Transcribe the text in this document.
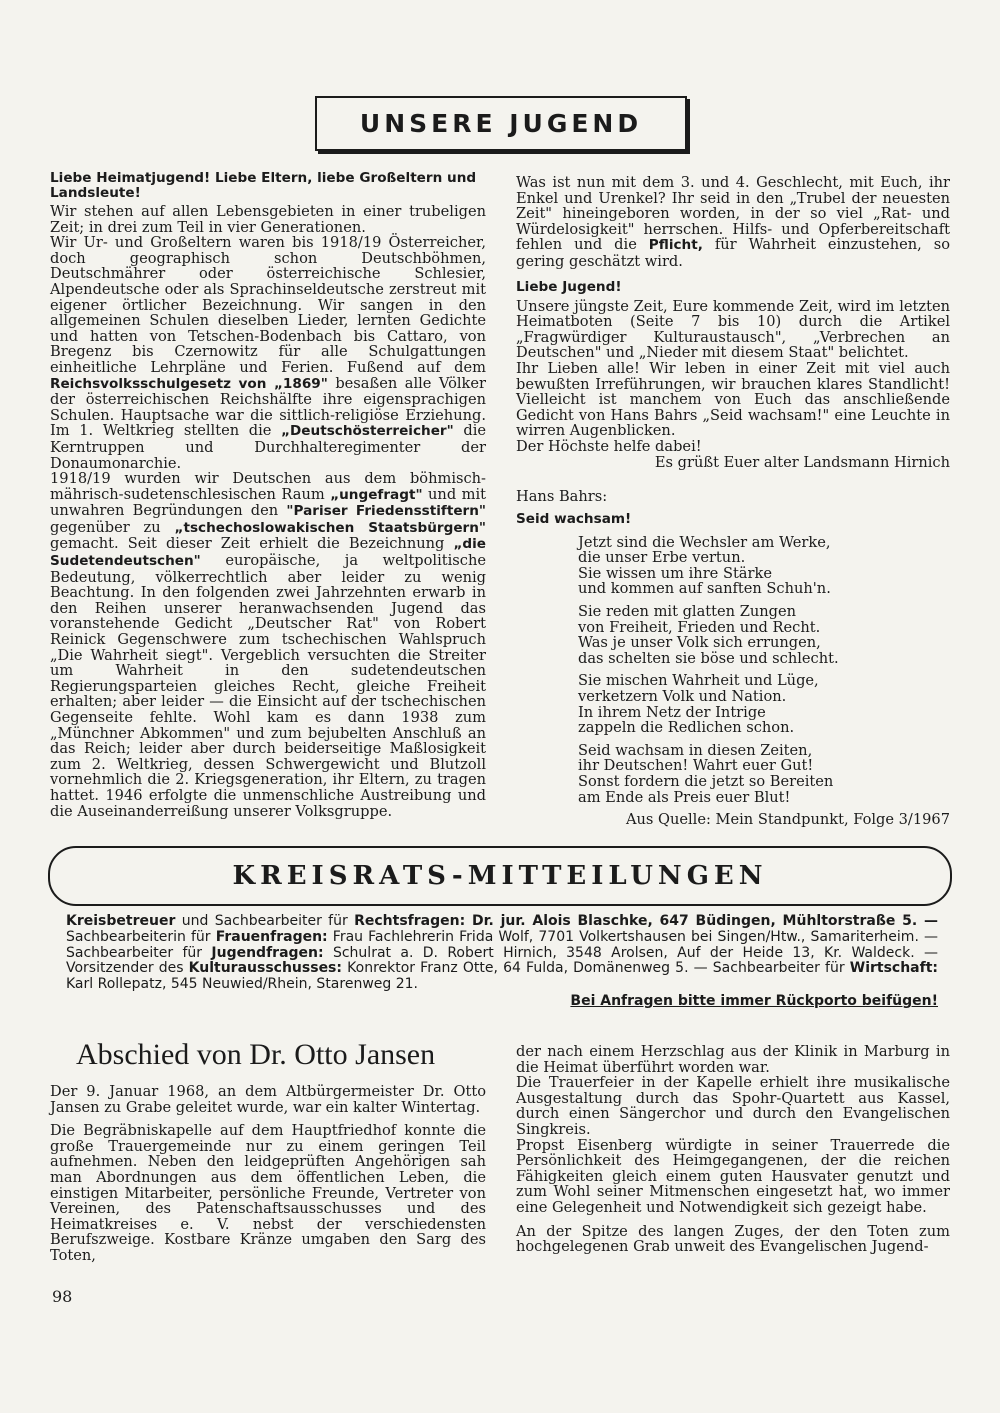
UNSERE JUGEND

Liebe Heimatjugend! Liebe Eltern, liebe Großeltern und Landsleute!

Wir stehen auf allen Lebensgebieten in einer trubeligen Zeit; in drei zum Teil in vier Generationen.

Wir Ur- und Großeltern waren bis 1918/19 Österreicher, doch geographisch schon Deutschböhmen, Deutschmährer oder österreichische Schlesier, Alpendeutsche oder als Sprachinseldeutsche zerstreut mit eigener örtlicher Bezeichnung. Wir sangen in den allgemeinen Schulen dieselben Lieder, lernten Gedichte und hatten von Tetschen-Bodenbach bis Cattaro, von Bregenz bis Czernowitz für alle Schulgattungen einheitliche Lehrpläne und Ferien. Fußend auf dem Reichsvolksschulgesetz von „1869" besaßen alle Völker der österreichischen Reichshälfte ihre eigensprachigen Schulen. Hauptsache war die sittlich-religiöse Erziehung. Im 1. Weltkrieg stellten die „Deutschösterreicher" die Kerntruppen und Durchhalteregimenter der Donaumonarchie.

1918/19 wurden wir Deutschen aus dem böhmisch-mährisch-sudetenschlesischen Raum „ungefragt" und mit unwahren Begründungen den "Pariser Friedensstiftern" gegenüber zu „tschechoslowakischen Staatsbürgern" gemacht. Seit dieser Zeit erhielt die Bezeichnung „die Sudetendeutschen" europäische, ja weltpolitische Bedeutung, völkerrechtlich aber leider zu wenig Beachtung. In den folgenden zwei Jahrzehnten erwarb in den Reihen unserer heranwachsenden Jugend das voranstehende Gedicht „Deutscher Rat" von Robert Reinick Gegenschwere zum tschechischen Wahlspruch „Die Wahrheit siegt". Vergeblich versuchten die Streiter um Wahrheit in den sudetendeutschen Regierungsparteien gleiches Recht, gleiche Freiheit erhalten; aber leider — die Einsicht auf der tschechischen Gegenseite fehlte. Wohl kam es dann 1938 zum „Münchner Abkommen" und zum bejubelten Anschluß an das Reich; leider aber durch beiderseitige Maßlosigkeit zum 2. Weltkrieg, dessen Schwergewicht und Blutzoll vornehmlich die 2. Kriegsgeneration, ihr Eltern, zu tragen hattet. 1946 erfolgte die unmenschliche Austreibung und die Auseinanderreißung unserer Volksgruppe.

Was ist nun mit dem 3. und 4. Geschlecht, mit Euch, ihr Enkel und Urenkel? Ihr seid in den „Trubel der neuesten Zeit" hineingeboren worden, in der so viel „Rat- und Würdelosigkeit" herrschen. Hilfs- und Opferbereitschaft fehlen und die Pflicht, für Wahrheit einzustehen, so gering geschätzt wird.

Liebe Jugend!

Unsere jüngste Zeit, Eure kommende Zeit, wird im letzten Heimatboten (Seite 7 bis 10) durch die Artikel „Fragwürdiger Kulturaustausch", „Verbrechen an Deutschen" und „Nieder mit diesem Staat" belichtet.

Ihr Lieben alle! Wir leben in einer Zeit mit viel auch bewußten Irreführungen, wir brauchen klares Standlicht! Vielleicht ist manchem von Euch das anschließende Gedicht von Hans Bahrs „Seid wachsam!" eine Leuchte in wirren Augenblicken.

Der Höchste helfe dabei!

Es grüßt Euer alter Landsmann Hirnich

Hans Bahrs:

Seid wachsam!

Jetzt sind die Wechsler am Werke,

die unser Erbe vertun.

Sie wissen um ihre Stärke

und kommen auf sanften Schuh'n.

Sie reden mit glatten Zungen

von Freiheit, Frieden und Recht.

Was je unser Volk sich errungen,

das schelten sie böse und schlecht.

Sie mischen Wahrheit und Lüge,

verketzern Volk und Nation.

In ihrem Netz der Intrige

zappeln die Redlichen schon.

Seid wachsam in diesen Zeiten,

ihr Deutschen! Wahrt euer Gut!

Sonst fordern die jetzt so Bereiten

am Ende als Preis euer Blut!

Aus Quelle: Mein Standpunkt, Folge 3/1967

KREISRATS-MITTEILUNGEN
Kreisbetreuer und Sachbearbeiter für Rechtsfragen: Dr. jur. Alois Blaschke, 647 Büdingen, Mühltorstraße 5. — Sachbearbeiterin für Frauenfragen: Frau Fachlehrerin Frida Wolf, 7701 Volkertshausen bei Singen/Htw., Samariterheim. — Sachbearbeiter für Jugendfragen: Schulrat a. D. Robert Hirnich, 3548 Arolsen, Auf der Heide 13, Kr. Waldeck. — Vorsitzender des Kulturausschusses: Konrektor Franz Otte, 64 Fulda, Domänenweg 5. — Sachbearbeiter für Wirtschaft: Karl Rollepatz, 545 Neuwied/Rhein, Starenweg 21.
Bei Anfragen bitte immer Rückporto beifügen!
Abschied von Dr. Otto Jansen

Der 9. Januar 1968, an dem Altbürgermeister Dr. Otto Jansen zu Grabe geleitet wurde, war ein kalter Wintertag.

Die Begräbniskapelle auf dem Hauptfriedhof konnte die große Trauergemeinde nur zu einem geringen Teil aufnehmen. Neben den leidgeprüften Angehörigen sah man Abordnungen aus dem öffentlichen Leben, die einstigen Mitarbeiter, persönliche Freunde, Vertreter von Vereinen, des Patenschaftsausschusses und des Heimatkreises e. V. nebst der verschiedensten Berufszweige. Kostbare Kränze umgaben den Sarg des Toten,

der nach einem Herzschlag aus der Klinik in Marburg in die Heimat überführt worden war.

Die Trauerfeier in der Kapelle erhielt ihre musikalische Ausgestaltung durch das Spohr-Quartett aus Kassel, durch einen Sängerchor und durch den Evangelischen Singkreis.

Propst Eisenberg würdigte in seiner Trauerrede die Persönlichkeit des Heimgegangenen, der die reichen Fähigkeiten gleich einem guten Hausvater genutzt und zum Wohl seiner Mitmenschen eingesetzt hat, wo immer eine Gelegenheit und Notwendigkeit sich gezeigt habe.

An der Spitze des langen Zuges, der den Toten zum hochgelegenen Grab unweit des Evangelischen Jugend-

98
